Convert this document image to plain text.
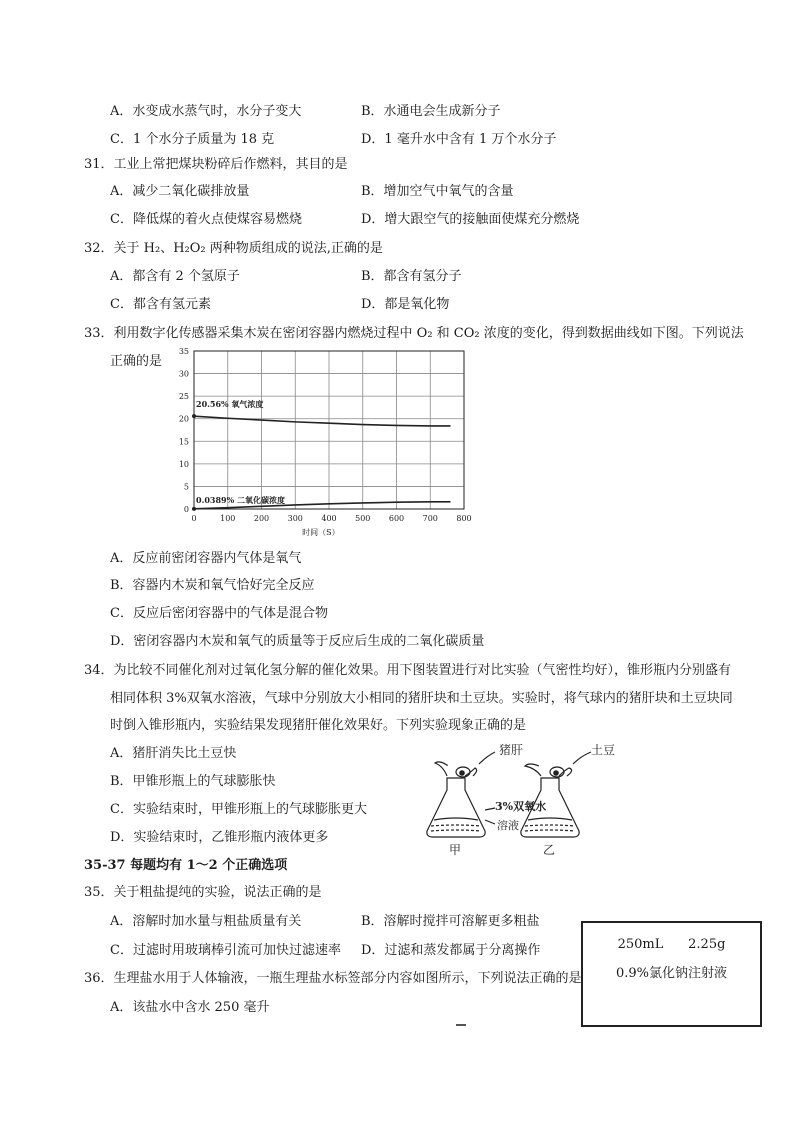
A．水变成水蒸气时，水分子变大	B．水通电会生成新分子
C．1 个水分子质量为 18 克	D．1 毫升水中含有 1 万个水分子
31．工业上常把煤块粉碎后作燃料，其目的是
A．减少二氧化碳排放量	B．增加空气中氧气的含量
C．降低煤的着火点使煤容易燃烧	D．增大跟空气的接触面使煤充分燃烧
32．关于 H₂、H₂O₂ 两种物质组成的说法,正确的是
A．都含有 2 个氢原子	B．都含有氢分子
C．都含有氢元素	D．都是氧化物
33．利用数字化传感器采集木炭在密闭容器内燃烧过程中 O₂ 和 CO₂ 浓度的变化，得到数据曲线如下图。下列说法
正确的是
0	100 200 300 400 500 600 700 800
0
5
10
15
20
25
30
35
时间（S）
20.56% 氧气浓度
0.0389% 二氧化碳浓度
A．反应前密闭容器内气体是氧气
B．容器内木炭和氧气恰好完全反应
C．反应后密闭容器中的气体是混合物
D．密闭容器内木炭和氧气的质量等于反应后生成的二氧化碳质量
34．为比较不同催化剂对过氧化氢分解的催化效果。用下图装置进行对比实验（气密性均好），锥形瓶内分别盛有
相同体积 3%双氧水溶液，气球中分别放大小相同的猪肝块和土豆块。实验时，将气球内的猪肝块和土豆块同
时倒入锥形瓶内，实验结果发现猪肝催化效果好。下列实验现象正确的是
A．猪肝消失比土豆快
B．甲锥形瓶上的气球膨胀快
C．实验结束时，甲锥形瓶上的气球膨胀更大
D．实验结束时，乙锥形瓶内液体更多
猪肝	土豆
3%双氧水
溶液
甲	乙
35-37 每题均有 1～2 个正确选项
35．关于粗盐提纯的实验，说法正确的是
A．溶解时加水量与粗盐质量有关	B．溶解时搅拌可溶解更多粗盐
C．过滤时用玻璃棒引流可加快过滤速率 D．过滤和蒸发都属于分离操作
36．生理盐水用于人体输液，一瓶生理盐水标签部分内容如图所示，下列说法正确的是
A．该盐水中含水 250 毫升
250mL 2.25g
0.9%氯化钠注射液
